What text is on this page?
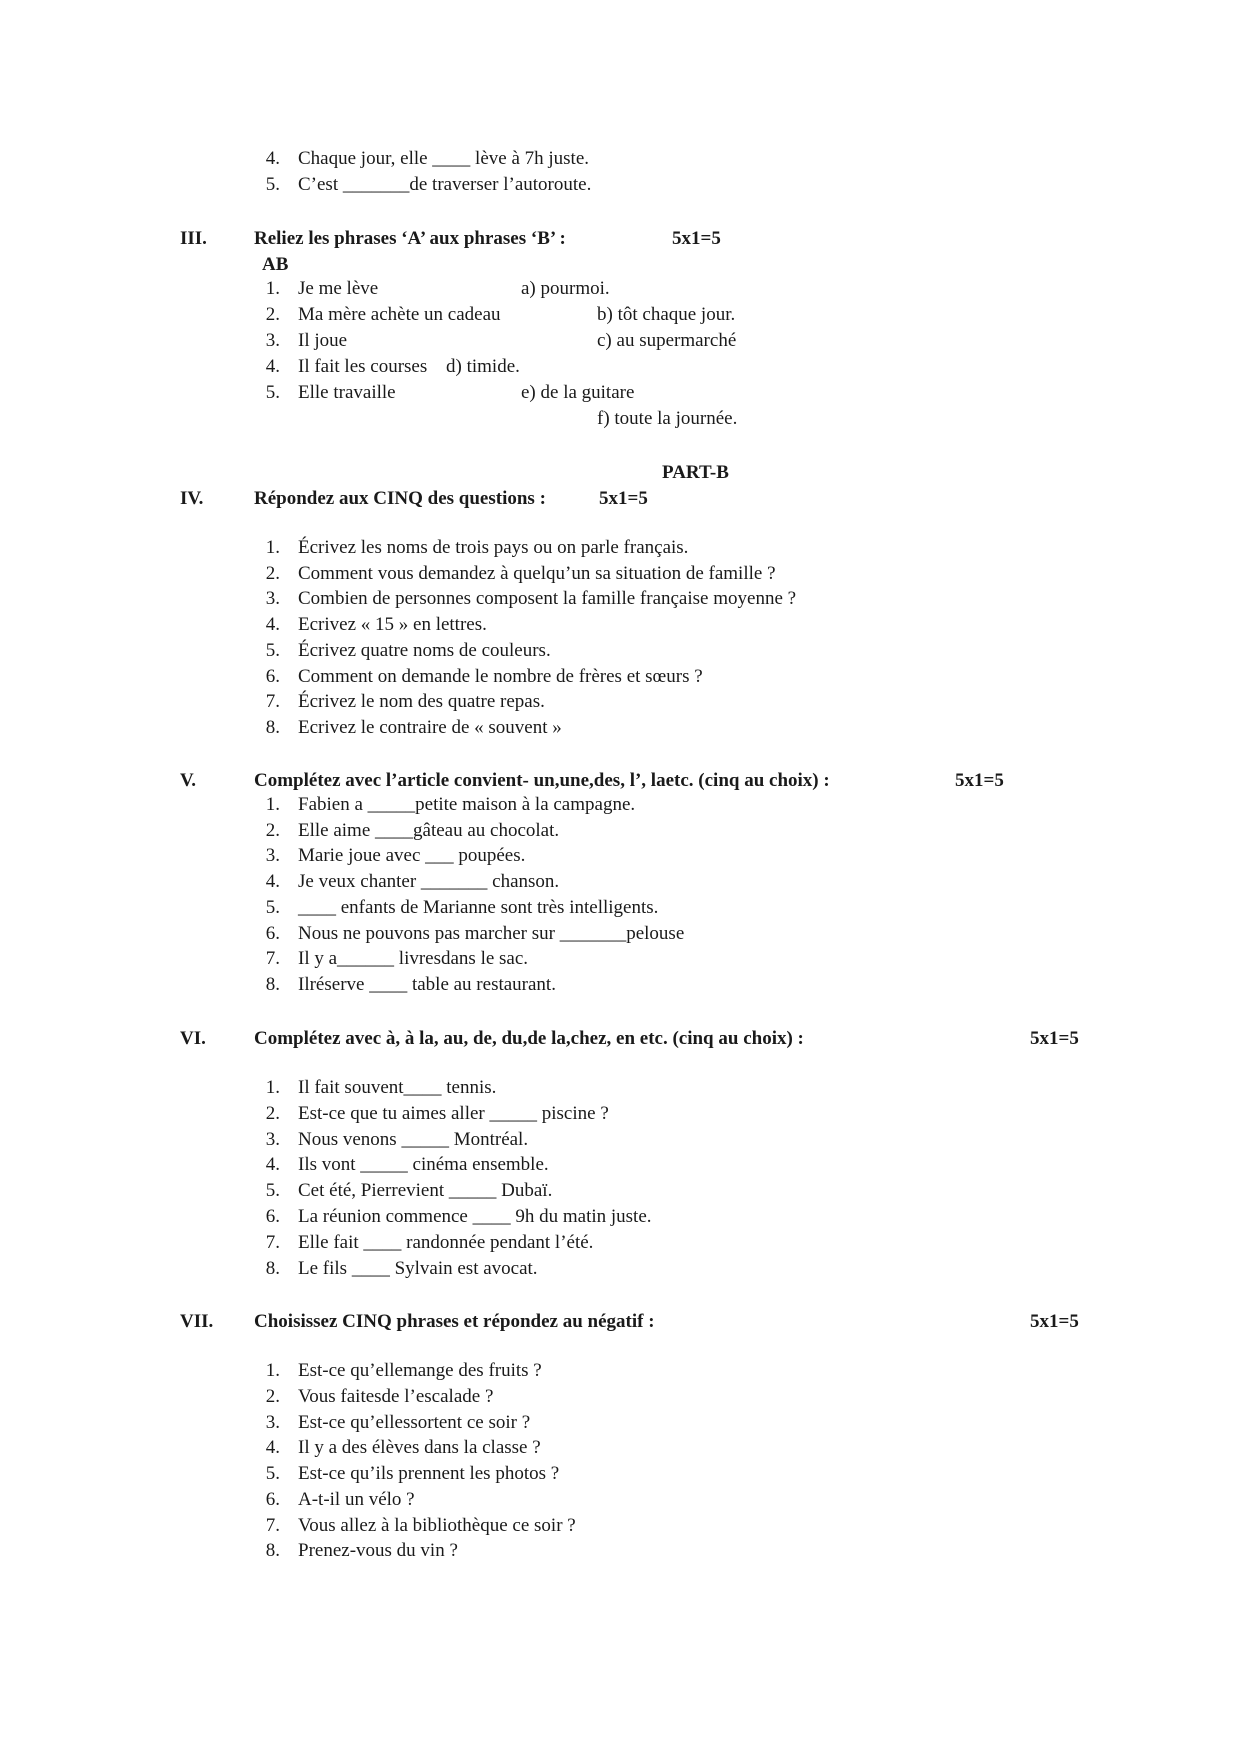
4. Chaque jour, elle ____ lève à 7h juste.
5. C’est _______de traverser l’autoroute.
III. Reliez les phrases ‘A’ aux phrases ‘B’ :	5x1=5
AB
1. Je me lève	a) pourmoi.
2. Ma mère achète un cadeau	b) tôt chaque jour.
3. Il joue	c) au supermarché
4. Il fait les courses d) timide.
5. Elle travaille	e) de la guitare
f) toute la journée.
PART-B
IV.	Répondez aux CINQ des questions :	5x1=5
1. Écrivez les noms de trois pays ou on parle français.
2. Comment vous demandez à quelqu’un sa situation de famille ?
3. Combien de personnes composent la famille française moyenne ?
4. Ecrivez « 15 » en lettres.
5. Écrivez quatre noms de couleurs.
6. Comment on demande le nombre de frères et sœurs ?
7. Écrivez le nom des quatre repas.
8. Ecrivez le contraire de « souvent »
V.	Complétez avec l’article convient- un,une,des, l’, laetc. (cinq au choix) :	5x1=5
1. Fabien a _____petite maison à la campagne.
2. Elle aime ____gâteau au chocolat.
3. Marie joue avec ___ poupées.
4. Je veux chanter _______ chanson.
5. ____ enfants de Marianne sont très intelligents.
6. Nous ne pouvons pas marcher sur _______pelouse
7. Il y a______ livresdans le sac.
8. Ilréserve ____ table au restaurant.
VI.	Complétez avec à, à la, au, de, du,de la,chez, en etc. (cinq au choix) :	5x1=5
1. Il fait souvent____ tennis.
2. Est-ce que tu aimes aller _____ piscine ?
3. Nous venons _____ Montréal.
4. Ils vont _____ cinéma ensemble.
5. Cet été, Pierrevient _____ Dubaï.
6. La réunion commence ____ 9h du matin juste.
7. Elle fait ____ randonnée pendant l’été.
8. Le fils ____ Sylvain est avocat.
VII. Choisissez CINQ phrases et répondez au négatif :	5x1=5
1. Est-ce qu’ellemange des fruits ?
2. Vous faitesde l’escalade ?
3. Est-ce qu’ellessortent ce soir ?
4. Il y a des élèves dans la classe ?
5. Est-ce qu’ils prennent les photos ?
6. A-t-il un vélo ?
7. Vous allez à la bibliothèque ce soir ?
8. Prenez-vous du vin ?
